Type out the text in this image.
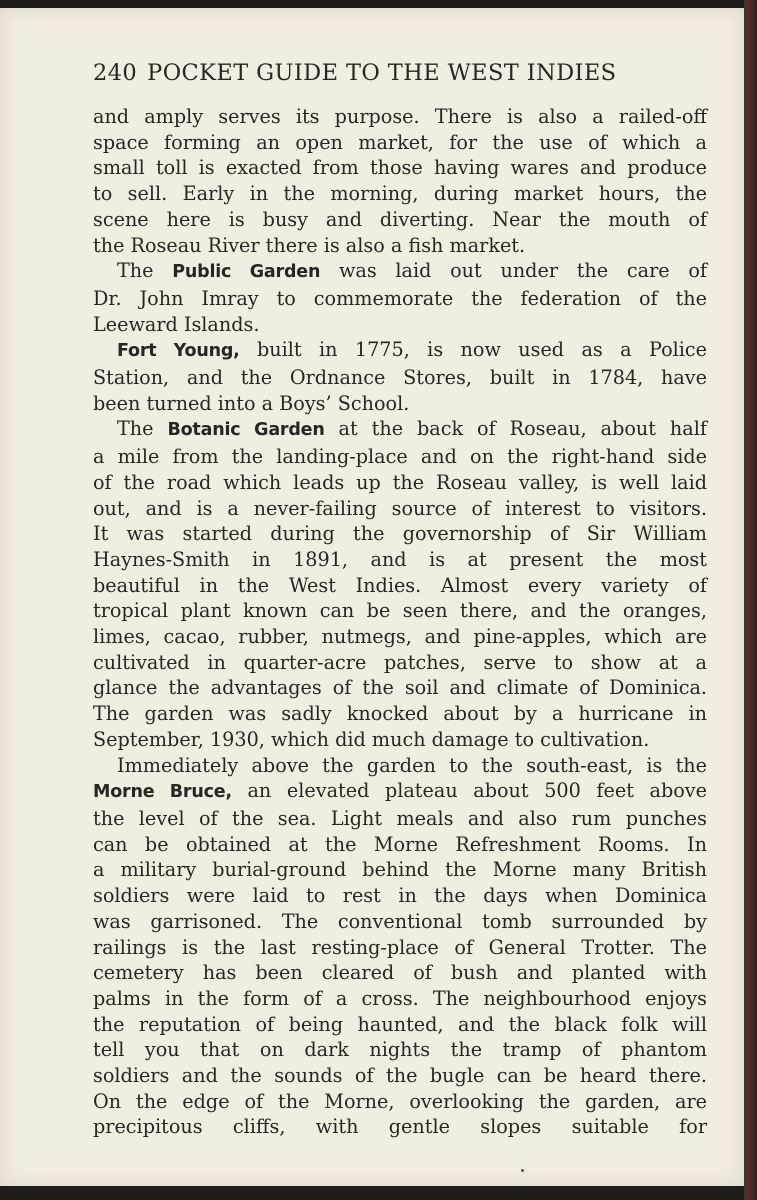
240 POCKET GUIDE TO THE WEST INDIES
and amply serves its purpose. There is also a railed-off
space forming an open market, for the use of which a
small toll is exacted from those having wares and produce
to sell. Early in the morning, during market hours, the
scene here is busy and diverting. Near the mouth of
the Roseau River there is also a fish market.
The Public Garden was laid out under the care of
Dr. John Imray to commemorate the federation of the
Leeward Islands.
Fort Young, built in 1775, is now used as a Police
Station, and the Ordnance Stores, built in 1784, have
been turned into a Boys’ School.
The Botanic Garden at the back of Roseau, about half
a mile from the landing-place and on the right-hand side
of the road which leads up the Roseau valley, is well laid
out, and is a never-failing source of interest to visitors.
It was started during the governorship of Sir William
Haynes-Smith in 1891, and is at present the most
beautiful in the West Indies. Almost every variety of
tropical plant known can be seen there, and the oranges,
limes, cacao, rubber, nutmegs, and pine-apples, which are
cultivated in quarter-acre patches, serve to show at a
glance the advantages of the soil and climate of Dominica.
The garden was sadly knocked about by a hurricane in
September, 1930, which did much damage to cultivation.
Immediately above the garden to the south-east, is the
Morne Bruce, an elevated plateau about 500 feet above
the level of the sea. Light meals and also rum punches
can be obtained at the Morne Refreshment Rooms. In
a military burial-ground behind the Morne many British
soldiers were laid to rest in the days when Dominica
was garrisoned. The conventional tomb surrounded by
railings is the last resting-place of General Trotter. The
cemetery has been cleared of bush and planted with
palms in the form of a cross. The neighbourhood enjoys
the reputation of being haunted, and the black folk will
tell you that on dark nights the tramp of phantom
soldiers and the sounds of the bugle can be heard there.
On the edge of the Morne, overlooking the garden, are
precipitous cliffs, with gentle slopes suitable for
